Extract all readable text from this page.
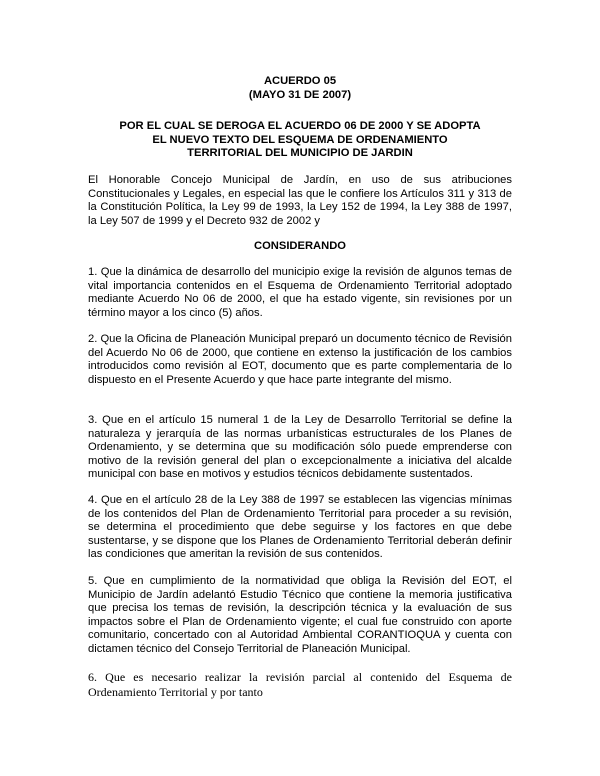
ACUERDO 05
(MAYO 31 DE 2007)
POR EL CUAL SE DEROGA EL ACUERDO 06 DE 2000 Y SE ADOPTA EL NUEVO TEXTO DEL ESQUEMA DE ORDENAMIENTO TERRITORIAL DEL MUNICIPIO DE JARDIN

El Honorable Concejo Municipal de Jardín, en uso de sus atribuciones Constitucionales y Legales, en especial las que le confiere los Artículos 311 y 313 de la Constitución Política, la Ley 99 de 1993, la Ley 152 de 1994, la Ley 388 de 1997, la Ley 507 de 1999 y el Decreto 932 de 2002 y

CONSIDERANDO

1. Que la dinámica de desarrollo del municipio exige la revisión de algunos temas de vital importancia contenidos en el Esquema de Ordenamiento Territorial adoptado mediante Acuerdo No 06 de 2000, el que ha estado vigente, sin revisiones por un término mayor a los cinco (5) años.

2. Que la Oficina de Planeación Municipal preparó un documento técnico de Revisión del Acuerdo No 06 de 2000, que contiene en extenso la justificación de los cambios introducidos como revisión al EOT, documento que es parte complementaria de lo dispuesto en el Presente Acuerdo y que hace parte integrante del mismo.

3. Que en el artículo 15 numeral 1 de la Ley de Desarrollo Territorial se define la naturaleza y jerarquía de las normas urbanísticas estructurales de los Planes de Ordenamiento, y se determina que su modificación sólo puede emprenderse con motivo de la revisión general del plan o excepcionalmente a iniciativa del alcalde municipal con base en motivos y estudios técnicos debidamente sustentados.

4. Que en el artículo 28 de la Ley 388 de 1997 se establecen las vigencias mínimas de los contenidos del Plan de Ordenamiento Territorial para proceder a su revisión, se determina el procedimiento que debe seguirse y los factores en que debe sustentarse, y se dispone que los Planes de Ordenamiento Territorial deberán definir las condiciones que ameritan la revisión de sus contenidos.

5. Que en cumplimiento de la normatividad que obliga la Revisión del EOT, el Municipio de Jardín adelantó Estudio Técnico que contiene la memoria justificativa que precisa los temas de revisión, la descripción técnica y la evaluación de sus impactos sobre el Plan de Ordenamiento vigente; el cual fue construido con aporte comunitario, concertado con al Autoridad Ambiental CORANTIOQUA y cuenta con dictamen técnico del Consejo Territorial de Planeación Municipal.

6. Que es necesario realizar la revisión parcial al contenido del Esquema de Ordenamiento Territorial y por tanto
